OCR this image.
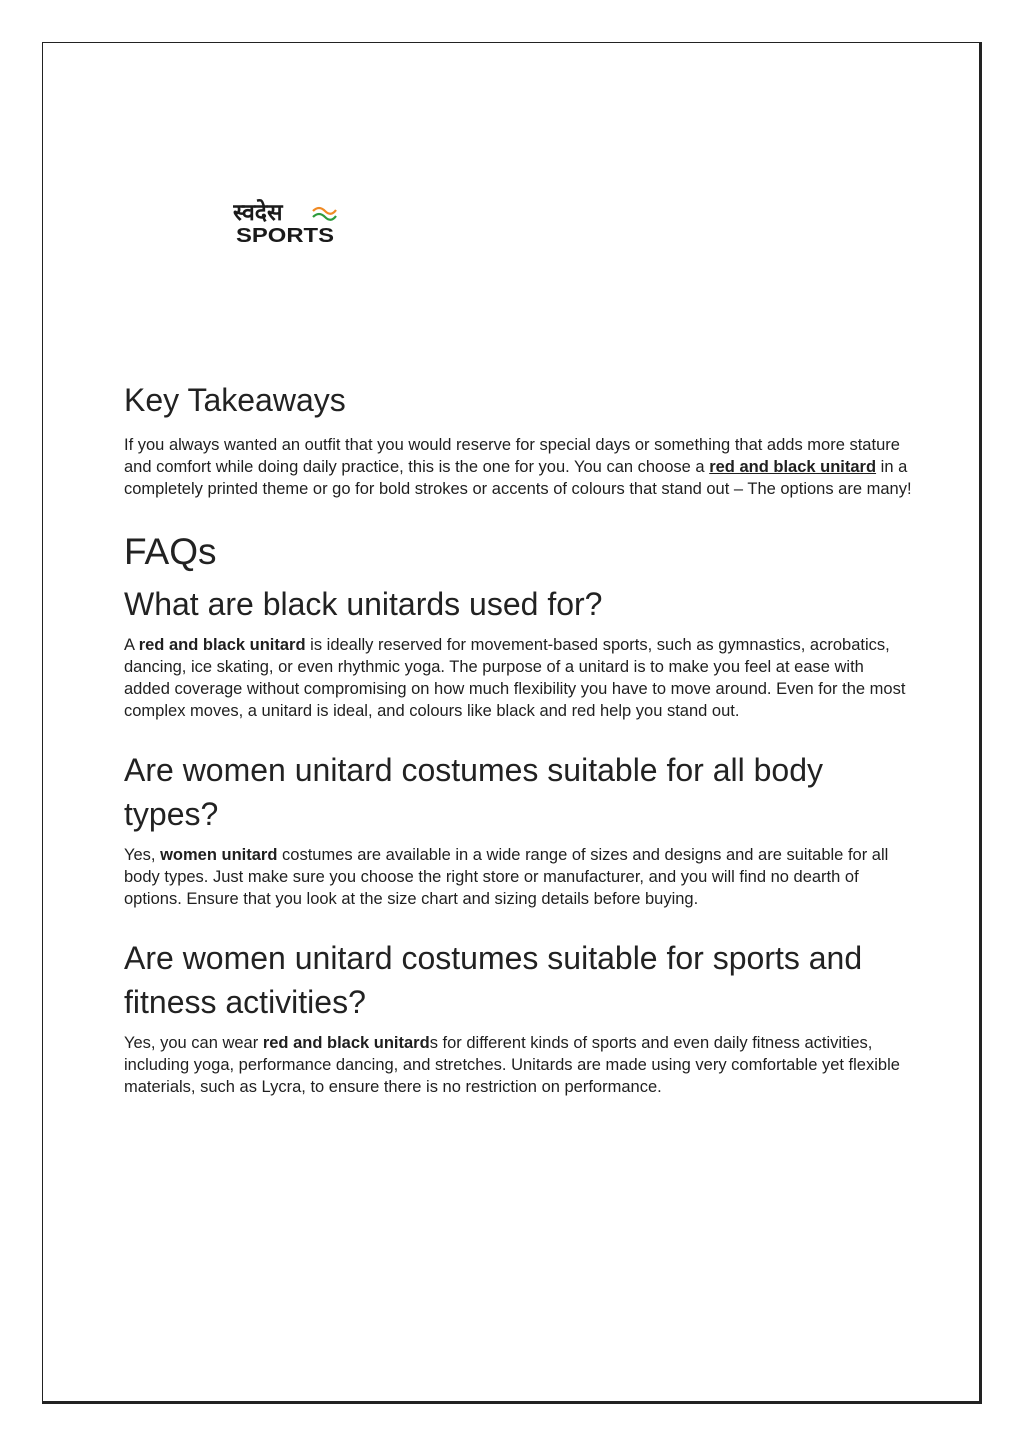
स्वदेस
SPORTS
Key Takeaways

If you always wanted an outfit that you would reserve for special days or something that adds more stature and comfort while doing daily practice, this is the one for you. You can choose a red and black unitard in a completely printed theme or go for bold strokes or accents of colours that stand out – The options are many!

FAQs
What are black unitards used for?

A red and black unitard is ideally reserved for movement-based sports, such as gymnastics, acrobatics, dancing, ice skating, or even rhythmic yoga. The purpose of a unitard is to make you feel at ease with added coverage without compromising on how much flexibility you have to move around. Even for the most complex moves, a unitard is ideal, and colours like black and red help you stand out.

Are women unitard costumes suitable for all body types?

Yes, women unitard costumes are available in a wide range of sizes and designs and are suitable for all body types. Just make sure you choose the right store or manufacturer, and you will find no dearth of options. Ensure that you look at the size chart and sizing details before buying.

Are women unitard costumes suitable for sports and fitness activities?

Yes, you can wear red and black unitards for different kinds of sports and even daily fitness activities, including yoga, performance dancing, and stretches. Unitards are made using very comfortable yet flexible materials, such as Lycra, to ensure there is no restriction on performance.
